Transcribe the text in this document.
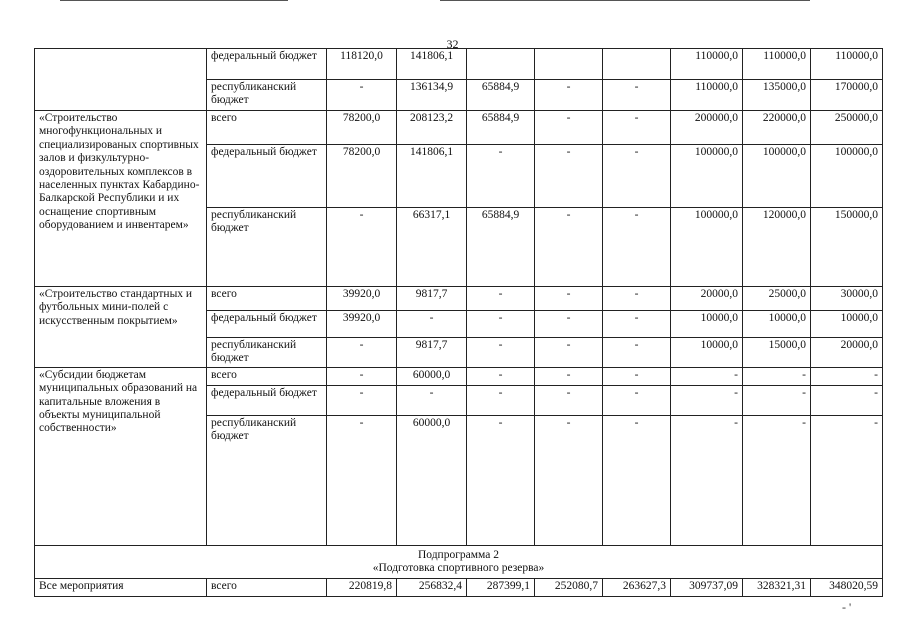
32
	федеральный бюджет	118120,0	141806,1				110000,0	110000,0	110000,0
	республиканский бюджет	-	136134,9	65884,9	-	-	110000,0	135000,0	170000,0
«Строительство многофункциональных и специализированых спортивных залов и физкультурно-оздоровительных комплексов в населенных пунктах Кабардино-Балкарской Республики и их оснащение спортивным оборудованием и инвентарем»	всего	78200,0	208123,2	65884,9	-	-	200000,0	220000,0	250000,0
	федеральный бюджет	78200,0	141806,1	-	-	-	100000,0	100000,0	100000,0
	республиканский бюджет	-	66317,1	65884,9	-	-	100000,0	120000,0	150000,0
«Строительство стандартных и футбольных мини-полей с искусственным покрытием»	всего	39920,0	9817,7	-	-	-	20000,0	25000,0	30000,0
	федеральный бюджет	39920,0	-	-	-	-	10000,0	10000,0	10000,0
	республиканский бюджет	-	9817,7	-	-	-	10000,0	15000,0	20000,0
«Субсидии бюджетам муниципальных образований на капитальные вложения в объекты муниципальной собственности»	всего	-	60000,0	-	-	-	-	-	-
	федеральный бюджет	-	-	-	-	-	-	-	-
	республиканский бюджет	-	60000,0	-	-	-	-	-	-

Подпрограмма 2
«Подготовка спортивного резерва»									

Все мероприятия	всего	220819,8	256832,4	287399,1	252080,7	263627,3	309737,09	328321,31	348020,59
- '
